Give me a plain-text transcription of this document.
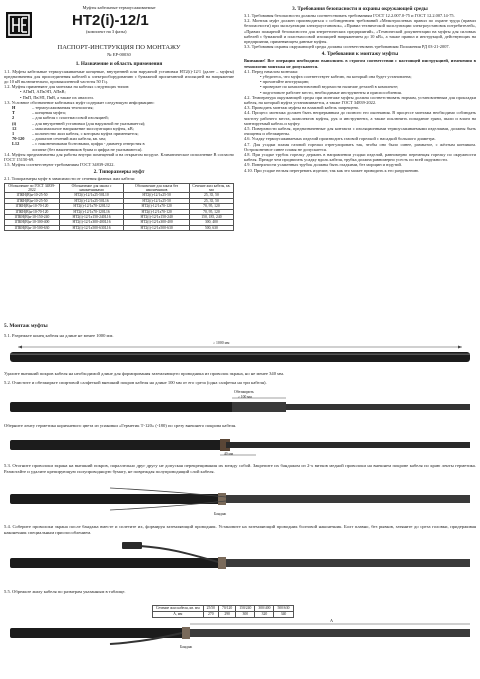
Муфты кабельные термоусаживаемые
НТ2(i)-12/1
(комплект на 3 фазы)
ПАСПОРТ-ИНСТРУКЦИЯ ПО МОНТАЖУ
№ ЕР-00030
1. Назначение и область применения

1.1. Муфты кабельные термоусаживаемые концевые, внутренней или наружной установки НТ2(i)-12/1 (далее – муфты) предназначены для присоединения кабелей к электрооборудованию с бумажной пропитанной изоляцией на напряжение до 10 кВ включительно, промышленной частоты 50 Гц.

1.2. Муфты применяют для монтажа на кабелях следующих типов:

• АПвП, АПвЭП, АПвВ;
• ПвП, ПвЭП, ПвВ, а также их аналоги.

1.3. Условное обозначение кабельных муфт содержит следующую информацию:

Н	– термоусаживаемая технология;
Т	– концевая муфта;
2	– для кабеля с пластмассовой изоляцией;
(i)	– для внутренней установки (для наружной не указывается);
12	– максимальное напряжение эксплуатации муфты, кВ;
1	– количество жил кабеля, с которым муфта применяется;
70-120	– диапазон сечений жил кабеля, кв. мм;
L12	– с наконечниками болтовыми, цифра - диаметр отверстия в
лопатке (без наконечников буква и цифра не указываются).

1.4. Муфты предназначены для работы внутри помещений и на открытом воздухе. Климатическое исполнение В согласно ГОСТ 15150-69.

1.5. Муфты соответствуют требованиям ГОСТ 34839-2022.

2. Типоразмеры муфт

2.1. Типоразмеры муфт в зависимости от сечения фазных жил кабеля:

Обозначение по ГОСТ 34839-2022	Обозначение для заказа с наконечниками	Обозначение для заказа без наконечников	Сечение жил кабеля, кв. мм
1ПКН(В)н-10-25-50	НТ2(i)-12/1х25-50L10	НТ2(i)-12/1х25-50	25, 35, 50
1ПКН(В)н-10-25-50	НТ2(i)-12/1х25-50L16	НТ2(i)-12/1х25-50	25, 35, 50
1ПКН(В)н-10-70-120	НТ2(i)-12/1х70-120L12	НТ2(i)-12/1х70-120	70, 95, 120
1ПКН(В)н-10-70-120	НТ2(i)-12/1х70-120L16	НТ2(i)-12/1х70-120	70, 95, 120
1ПКН(В)н-10-150-240	НТ2(i)-12/1х150-240L16	НТ2(i)-12/1х150-240	150, 185, 240
1ПКН(В)н-10-300-400	НТ2(i)-12/1х300-400L16	НТ2(i)-12/1х300-400	300, 400
1ПКН(В)н-10-500-630	НТ2(i)-12/1х500-630L16	НТ2(i)-12/1х500-630	500, 630
3. Требования безопасности и охраны окружающей среды

3.1. Требования безопасности должны соответствовать требованиям ГОСТ 12.2.007.0-75 и ГОСТ 12.2.007.14-75.

3.2. Монтаж муфт должен производиться с соблюдением требований «Межотраслевых правил по охране труда (правил безопасности) при эксплуатации электроустановок», «Правил технической эксплуатации электроустановок потребителей», «Правил пожарной безопасности для энергетических предприятий», «Технической документации на муфты для силовых кабелей с бумажной и пластмассовой изоляцией напряжением до 10 кВ», а также правил и инструкций, действующих на предприятии, применяющем данные муфты.

3.3. Требования охраны окружающей среды должны соответствовать требованиям Положения РД 03-21-2007.

4. Требования к монтажу муфты

Внимание! Все операции необходимо выполнять в строгом соответствии с настоящей инструкцией, изменения в технологии монтажа не допускаются.

4.1. Перед началом монтажа:

• убедитесь, что муфта соответствует кабелю, на который она будет установлена;
• прочитайте инструкцию;
• проверьте по комплектовочной ведомости наличие деталей в комплекте;
• подготовьте рабочее место, необходимые инструменты и приспособления.

4.2. Температура окружающей среды при монтаже муфты должна соответствовать нормам, установленным для прокладки кабеля, на который муфта устанавливается, а также ГОСТ 34839-2022.

4.3. Проводить монтаж муфты на влажной кабель запрещено.

4.4. Процесс монтажа должен быть непрерывным до полного его окончания. В процессе монтажа необходимо соблюдать чистоту рабочего места, комплектов муфты, рук и инструмента, а также исключить попадание грязи, пыли и влаги на монтируемый кабель и муфту.

4.5. Поверхности кабеля, предназначенные для контакта с изоляционными термоусаживаемыми изделиями, должны быть очищены и обезжирены.

4.6. Усадку термоусаживаемых изделий производить газовой горелкой с насадкой большого диаметра.

4.7. Для усадки пламя газовой горелки отрегулировать так, чтобы оно было синее, размытое, с жёлтым кончиком. Остроконечное синее пламя не допускается.

4.8. При усадке трубок горелку держать в направлении усадки изделий, равномерно перемещая горелку по окружности кабеля. Прежде чем продвигать усадку вдоль кабеля, трубка должна равномерно усесть по всей окружности.

4.9. Поверхности усаженных трубок должны быть гладкими, без морщин и вздутий.

4.10. При усадке нельзя перегревать изделие, так как это может приводить к его разрушению.

5. Монтаж муфты
5.1. Разрежьте конец кабеля на длине не менее 1000 мм.
≥ 1000 мм
Удалите внешний покров кабеля на необходимой длине для формирования заземляющего проводника из проволок экрана, но не менее 340 мм.
5.2. Очистите и обезжирьте спиртовой салфеткой внешний покров кабеля на длине 100 мм от его среза (одна салфетка на три кабеля).
Обезжирить
≥ 100 мм
Оберните ленту герметика коричневого цвета из упаковки «Герметик Т-120» (-180) по срезу внешнего покрова кабеля.
40 мм
5.3. Отогните проволоки экрана на внешний покров, параллельно друг другу не допуская перекрещивания их между собой. Закрепите их бандажом из 2-х витков медной проволоки на внешнем покрове кабеля по краю ленты герметика. Размотайте и удалите крепирующую полупроводящую бумагу, не повреждая полупроводящий слой кабеля.
Бандаж
5.4. Соберите проволоки экрана после бандажа вместе и сплетите их, формируя заземляющий проводник. Установите на заземляющий проводник болтовой наконечник. Болт плавно, без рывков, затяните до среза головки, придерживая наконечник специальным приспособлением.
5.5. Обрежьте жилу кабеля по размерам указанным в таблице.
Бандаж
А
Сечение жил кабеля, кв. мм	25/50	70/120	150/240	300/400	500/630
А, мм	270	290	300	320	340
